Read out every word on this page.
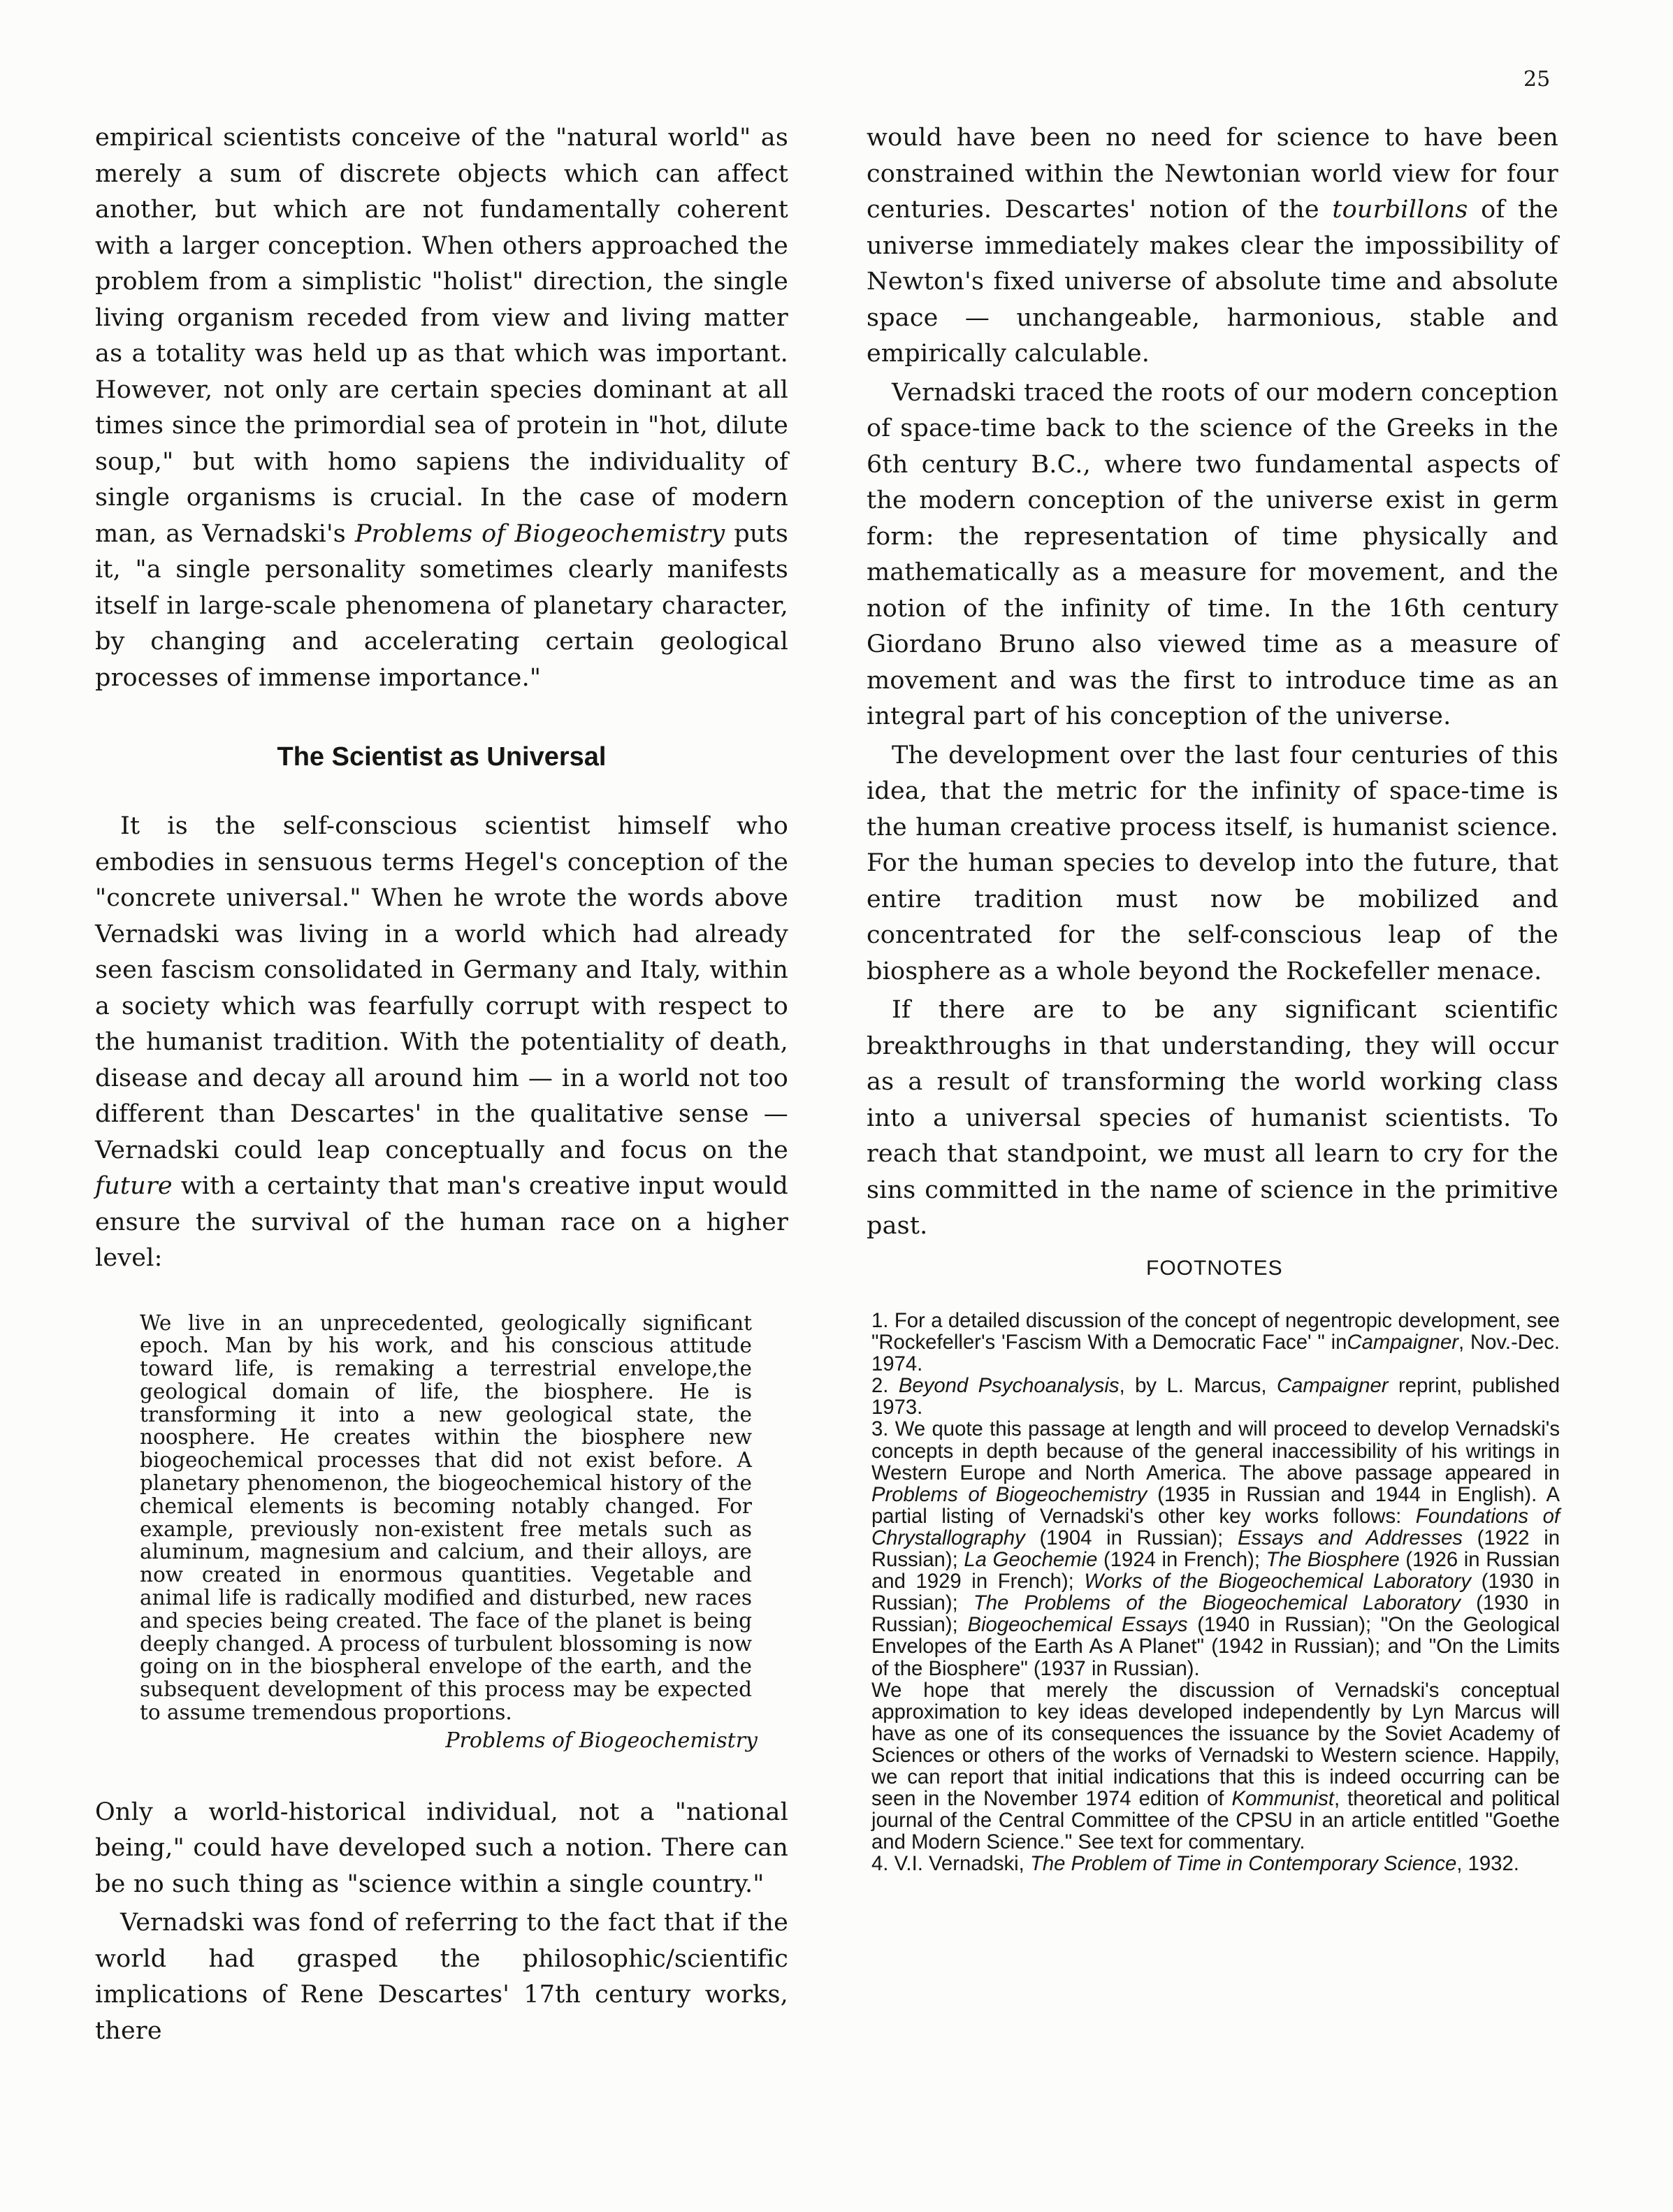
25

empirical scientists conceive of the "natural world" as merely a sum of discrete objects which can affect another, but which are not fundamentally coherent with a larger conception. When others approached the problem from a simplistic "holist" direction, the single living organism receded from view and living matter as a totality was held up as that which was important. However, not only are certain species dominant at all times since the primordial sea of protein in "hot, dilute soup," but with homo sapiens the individuality of single organisms is crucial. In the case of modern man, as Vernadski's Problems of Biogeochemistry puts it, "a single personality sometimes clearly manifests itself in large-scale phenomena of planetary character, by changing and accelerating certain geological processes of immense importance."

The Scientist as Universal

It is the self-conscious scientist himself who embodies in sensuous terms Hegel's conception of the "concrete universal." When he wrote the words above Vernadski was living in a world which had already seen fascism consolidated in Germany and Italy, within a society which was fearfully corrupt with respect to the humanist tradition. With the potentiality of death, disease and decay all around him — in a world not too different than Descartes' in the qualitative sense — Vernadski could leap conceptually and focus on the future with a certainty that man's creative input would ensure the survival of the human race on a higher level:

We live in an unprecedented, geologically significant epoch. Man by his work, and his conscious attitude toward life, is remaking a terrestrial envelope,the geological domain of life, the biosphere. He is transforming it into a new geological state, the noosphere. He creates within the biosphere new biogeochemical processes that did not exist before. A planetary phenomenon, the biogeochemical history of the chemical elements is becoming notably changed. For example, previously non-existent free metals such as aluminum, magnesium and calcium, and their alloys, are now created in enormous quantities. Vegetable and animal life is radically modified and disturbed, new races and species being created. The face of the planet is being deeply changed. A process of turbulent blossoming is now going on in the biospheral envelope of the earth, and the subsequent development of this process may be expected to assume tremendous proportions.
Problems of Biogeochemistry

Only a world-historical individual, not a "national being," could have developed such a notion. There can be no such thing as "science within a single country."

Vernadski was fond of referring to the fact that if the world had grasped the philosophic/scientific implications of Rene Descartes' 17th century works, there

would have been no need for science to have been constrained within the Newtonian world view for four centuries. Descartes' notion of the tourbillons of the universe immediately makes clear the impossibility of Newton's fixed universe of absolute time and absolute space — unchangeable, harmonious, stable and empirically calculable.

Vernadski traced the roots of our modern conception of space-time back to the science of the Greeks in the 6th century B.C., where two fundamental aspects of the modern conception of the universe exist in germ form: the representation of time physically and mathematically as a measure for movement, and the notion of the infinity of time. In the 16th century Giordano Bruno also viewed time as a measure of movement and was the first to introduce time as an integral part of his conception of the universe.

The development over the last four centuries of this idea, that the metric for the infinity of space-time is the human creative process itself, is humanist science. For the human species to develop into the future, that entire tradition must now be mobilized and concentrated for the self-conscious leap of the biosphere as a whole beyond the Rockefeller menace.

If there are to be any significant scientific breakthroughs in that understanding, they will occur as a result of transforming the world working class into a universal species of humanist scientists. To reach that standpoint, we must all learn to cry for the sins committed in the name of science in the primitive past.

FOOTNOTES

1. For a detailed discussion of the concept of negentropic development, see "Rockefeller's 'Fascism With a Democratic Face' " inCampaigner, Nov.-Dec. 1974.

2. Beyond Psychoanalysis, by L. Marcus, Campaigner reprint, published 1973.

3. We quote this passage at length and will proceed to develop Vernadski's concepts in depth because of the general inaccessibility of his writings in Western Europe and North America. The above passage appeared in Problems of Biogeochemistry (1935 in Russian and 1944 in English). A partial listing of Vernadski's other key works follows: Foundations of Chrystallography (1904 in Russian); Essays and Addresses (1922 in Russian); La Geochemie (1924 in French); The Biosphere (1926 in Russian and 1929 in French); Works of the Biogeochemical Laboratory (1930 in Russian); The Problems of the Biogeochemical Laboratory (1930 in Russian); Biogeochemical Essays (1940 in Russian); "On the Geological Envelopes of the Earth As A Planet" (1942 in Russian); and "On the Limits of the Biosphere" (1937 in Russian).

We hope that merely the discussion of Vernadski's conceptual approximation to key ideas developed independently by Lyn Marcus will have as one of its consequences the issuance by the Soviet Academy of Sciences or others of the works of Vernadski to Western science. Happily, we can report that initial indications that this is indeed occurring can be seen in the November 1974 edition of Kommunist, theoretical and political journal of the Central Committee of the CPSU in an article entitled "Goethe and Modern Science." See text for commentary.

4. V.I. Vernadski, The Problem of Time in Contemporary Science, 1932.
